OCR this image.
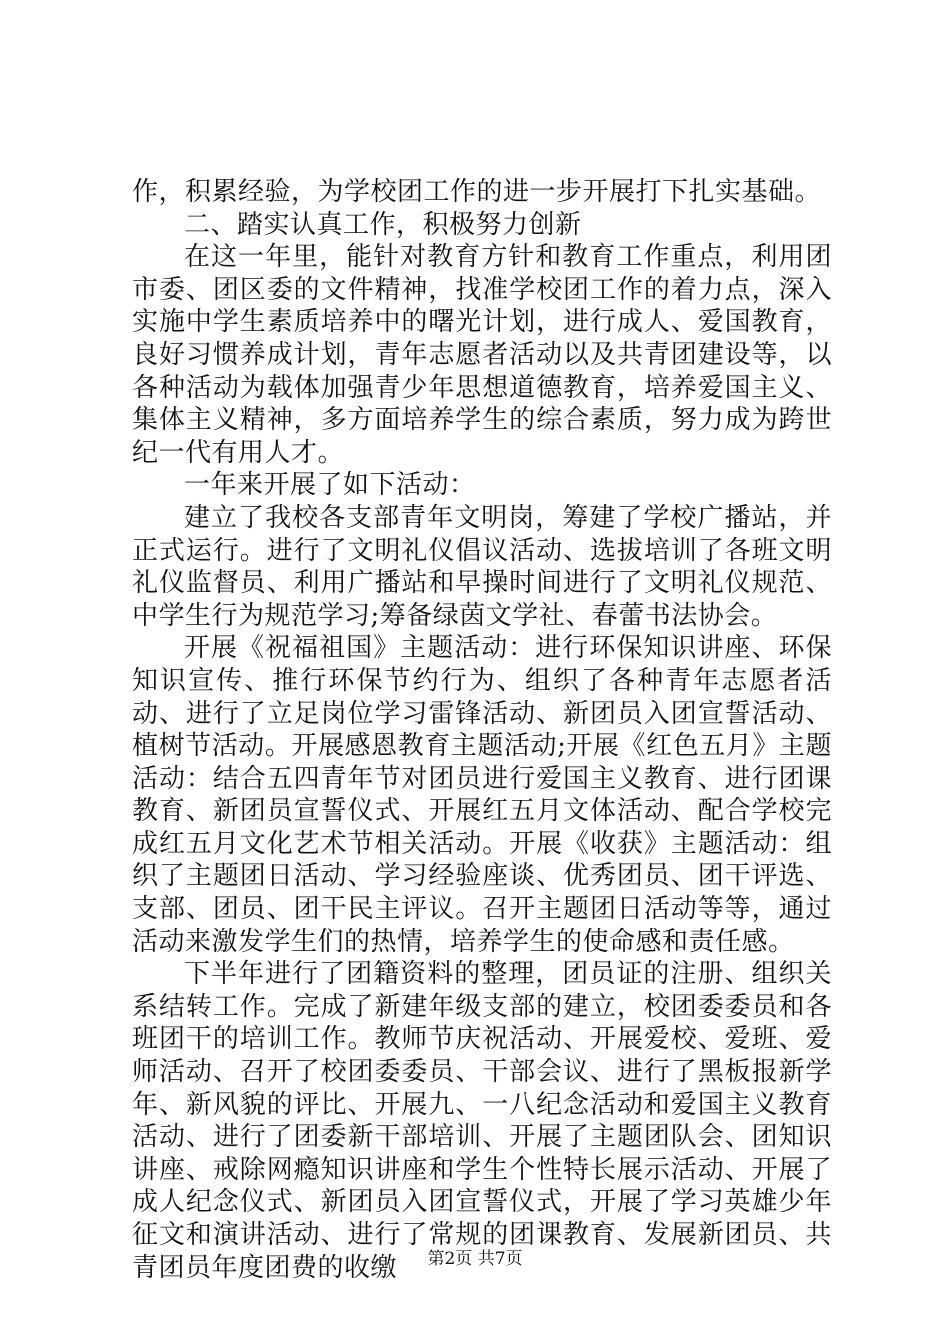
作，积累经验，为学校团工作的进一步开展打下扎实基础。

二、踏实认真工作，积极努力创新

在这一年里，能针对教育方针和教育工作重点，利用团市委、团区委的文件精神，找准学校团工作的着力点，深入实施中学生素质培养中的曙光计划，进行成人、爱国教育，良好习惯养成计划，青年志愿者活动以及共青团建设等，以各种活动为载体加强青少年思想道德教育，培养爱国主义、集体主义精神，多方面培养学生的综合素质，努力成为跨世纪一代有用人才。

一年来开展了如下活动：

建立了我校各支部青年文明岗，筹建了学校广播站，并正式运行。进行了文明礼仪倡议活动、选拔培训了各班文明礼仪监督员、利用广播站和早操时间进行了文明礼仪规范、中学生行为规范学习;筹备绿茵文学社、春蕾书法协会。

开展《祝福祖国》主题活动：进行环保知识讲座、环保知识宣传、推行环保节约行为、组织了各种青年志愿者活动、进行了立足岗位学习雷锋活动、新团员入团宣誓活动、植树节活动。开展感恩教育主题活动;开展《红色五月》主题活动：结合五四青年节对团员进行爱国主义教育、进行团课教育、新团员宣誓仪式、开展红五月文体活动、配合学校完成红五月文化艺术节相关活动。开展《收获》主题活动：组织了主题团日活动、学习经验座谈、优秀团员、团干评选、支部、团员、团干民主评议。召开主题团日活动等等，通过活动来激发学生们的热情，培养学生的使命感和责任感。

下半年进行了团籍资料的整理，团员证的注册、组织关系结转工作。完成了新建年级支部的建立，校团委委员和各班团干的培训工作。教师节庆祝活动、开展爱校、爱班、爱师活动、召开了校团委委员、干部会议、进行了黑板报新学年、新风貌的评比、开展九、一八纪念活动和爱国主义教育活动、进行了团委新干部培训、开展了主题团队会、团知识讲座、戒除网瘾知识讲座和学生个性特长展示活动、开展了成人纪念仪式、新团员入团宣誓仪式，开展了学习英雄少年征文和演讲活动、进行了常规的团课教育、发展新团员、共青团员年度团费的收缴	第2页 共7页
